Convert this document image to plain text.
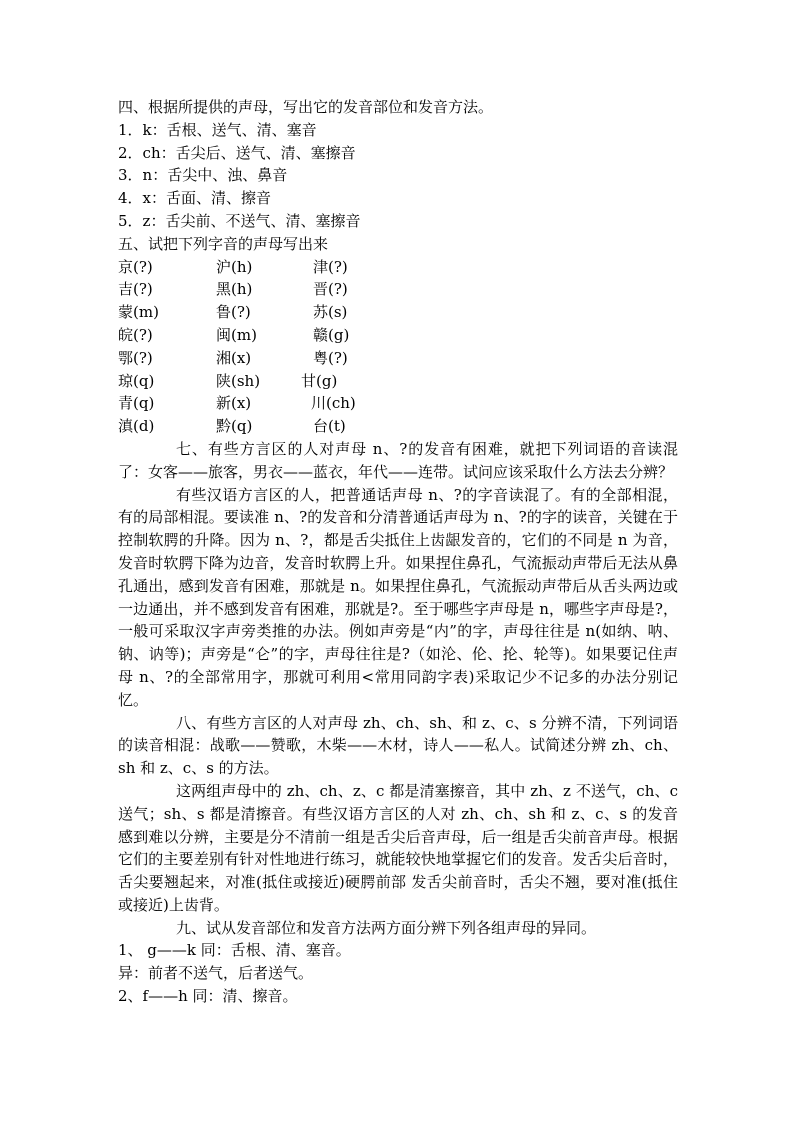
四、根据所提供的声母，写出它的发音部位和发音方法。
1．k：舌根、送气、清、塞音
2．ch：舌尖后、送气、清、塞擦音
3．n：舌尖中、浊、鼻音
4．x：舌面、清、擦音
5．z：舌尖前、不送气、清、塞擦音
五、试把下列字音的声母写出来
京(?)	沪(h)	津(?)
吉(?)	黑(h)	晋(?)
蒙(m)	鲁(?)	苏(s)
皖(?)	闽(m)	赣(g)
鄂(?)	湘(x)	粤(?)
琼(q)	陕(sh)	甘(g)
青(q)	新(x)	川(ch)
滇(d)	黔(q)	台(t)

七、有些方言区的人对声母 n、?的发音有困难，就把下列词语的音读混了：女客——旅客，男衣——蓝衣，年代——连带。试问应该采取什么方法去分辨？

有些汉语方言区的人，把普通话声母 n、?的字音读混了。有的全部相混，有的局部相混。要读准 n、?的发音和分清普通话声母为 n、?的字的读音，关键在于控制软腭的升降。因为 n、?，都是舌尖抵住上齿龈发音的，它们的不同是 n 为音，发音时软腭下降为边音，发音时软腭上升。如果捏住鼻孔，气流振动声带后无法从鼻孔通出，感到发音有困难，那就是 n。如果捏住鼻孔，气流振动声带后从舌头两边或一边通出，并不感到发音有困难，那就是?。至于哪些字声母是 n，哪些字声母是?，一般可采取汉字声旁类推的办法。例如声旁是“内”的字，声母往往是 n(如纳、呐、钠、讷等)；声旁是“仑”的字，声母往往是?（如沦、伦、抡、轮等)。如果要记住声母 n、?的全部常用字，那就可利用<常用同韵字表)采取记少不记多的办法分别记忆。

八、有些方言区的人对声母 zh、ch、sh、和 z、c、s 分辨不清，下列词语的读音相混：战歌——赞歌，木柴——木材，诗人——私人。试简述分辨 zh、ch、sh 和 z、c、s 的方法。

这两组声母中的 zh、ch、z、c 都是清塞擦音，其中 zh、z 不送气，ch、c 送气；sh、s 都是清擦音。有些汉语方言区的人对 zh、ch、sh 和 z、c、s 的发音感到难以分辨，主要是分不清前一组是舌尖后音声母，后一组是舌尖前音声母。根据它们的主要差别有针对性地进行练习，就能较快地掌握它们的发音。发舌尖后音时，舌尖要翘起来，对准(抵住或接近)硬腭前部 发舌尖前音时，舌尖不翘，要对准(抵住或接近)上齿背。

九、试从发音部位和发音方法两方面分辨下列各组声母的异同。

1、 g——k 同：舌根、清、塞音。

异：前者不送气，后者送气。

2、f——h 同：清、擦音。
